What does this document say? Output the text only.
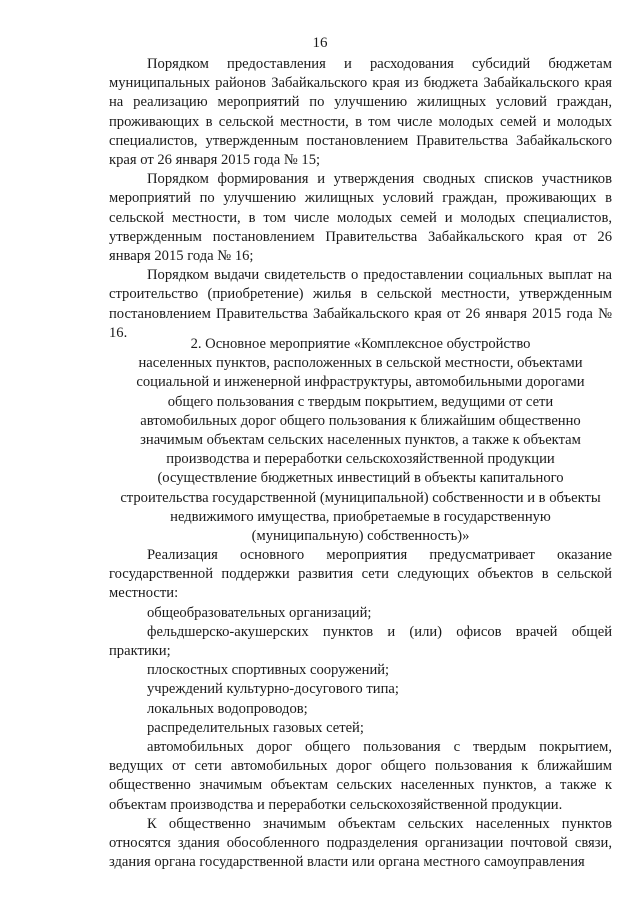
16

Порядком предоставления и расходования субсидий бюджетам муниципальных районов Забайкальского края из бюджета Забайкальского края на реализацию мероприятий по улучшению жилищных условий граждан, проживающих в сельской местности, в том числе молодых семей и молодых специалистов, утвержденным постановлением Правительства Забайкальского края от 26 января 2015 года № 15;

Порядком формирования и утверждения сводных списков участников мероприятий по улучшению жилищных условий граждан, проживающих в сельской местности, в том числе молодых семей и молодых специалистов, утвержденным постановлением Правительства Забайкальского края от 26 января 2015 года № 16;

Порядком выдачи свидетельств о предоставлении социальных выплат на строительство (приобретение) жилья в сельской местности, утвержденным постановлением Правительства Забайкальского края от 26 января 2015 года № 16.

2. Основное мероприятие «Комплексное обустройство
населенных пунктов, расположенных в сельской местности, объектами
социальной и инженерной инфраструктуры, автомобильными дорогами
общего пользования с твердым покрытием, ведущими от сети
автомобильных дорог общего пользования к ближайшим общественно
значимым объектам сельских населенных пунктов, а также к объектам
производства и переработки сельскохозяйственной продукции
(осуществление бюджетных инвестиций в объекты капитального
строительства государственной (муниципальной) собственности и в объекты
недвижимого имущества, приобретаемые в государственную
(муниципальную) собственность)»

Реализация основного мероприятия предусматривает оказание государственной поддержки развития сети следующих объектов в сельской местности:

общеобразовательных организаций;

фельдшерско-акушерских пунктов и (или) офисов врачей общей практики;

плоскостных спортивных сооружений;

учреждений культурно-досугового типа;

локальных водопроводов;

распределительных газовых сетей;

автомобильных дорог общего пользования с твердым покрытием, ведущих от сети автомобильных дорог общего пользования к ближайшим общественно значимым объектам сельских населенных пунктов, а также к объектам производства и переработки сельскохозяйственной продукции.

К общественно значимым объектам сельских населенных пунктов относятся здания обособленного подразделения организации почтовой связи, здания органа государственной власти или органа местного самоуправления
